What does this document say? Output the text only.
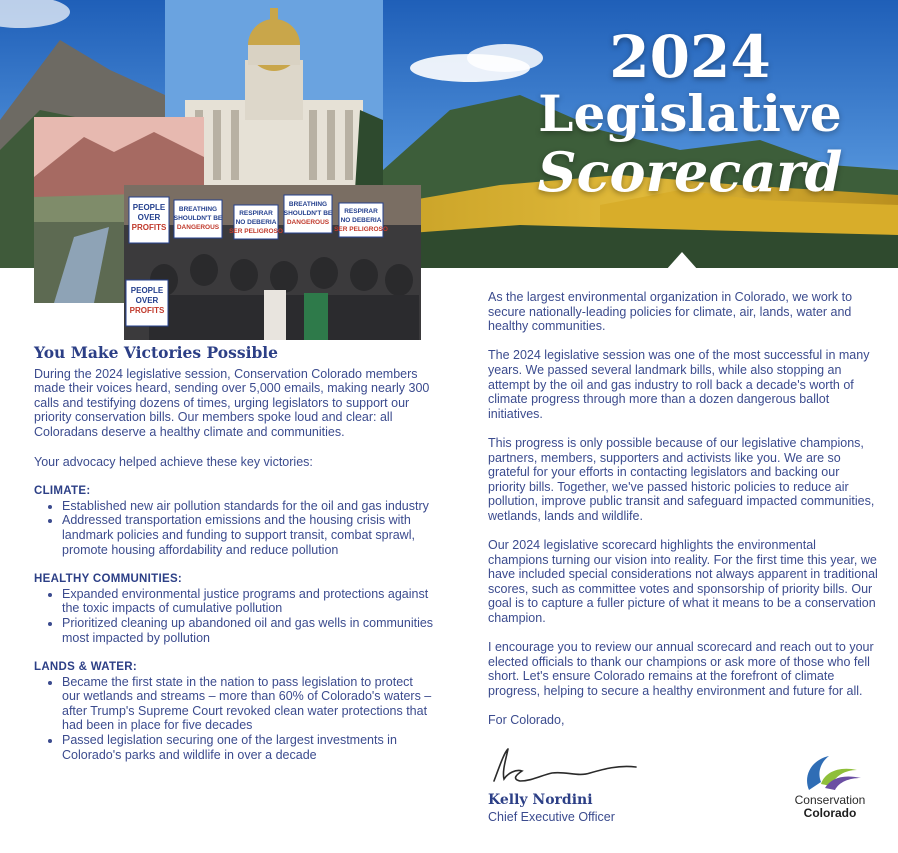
2024
Legislative
Scorecard
PEOPLE OVER PROFITS
BREATHING SHOULDN'T BE DANGEROUS
RESPIRAR NO DEBERIA SER PELIGROSO
BREATHING SHOULDN'T BE DANGEROUS
RESPIRAR NO DEBERIA SER PELIGROSO
PEOPLE OVER PROFITS
You Make Victories Possible

During the 2024 legislative session, Conservation Colorado members made their voices heard, sending over 5,000 emails, making nearly 300 calls and testifying dozens of times, urging legislators to support our priority conservation bills. Our members spoke loud and clear: all Coloradans deserve a healthy climate and communities.

Your advocacy helped achieve these key victories:

CLIMATE:

• Established new air pollution standards for the oil and gas industry
• Addressed transportation emissions and the housing crisis with landmark policies and funding to support transit, combat sprawl, promote housing affordability and reduce pollution

HEALTHY COMMUNITIES:

• Expanded environmental justice programs and protections against the toxic impacts of cumulative pollution
• Prioritized cleaning up abandoned oil and gas wells in communities most impacted by pollution

LANDS & WATER:

• Became the first state in the nation to pass legislation to protect our wetlands and streams – more than 60% of Colorado's waters – after Trump's Supreme Court revoked clean water protections that had been in place for five decades
• Passed legislation securing one of the largest investments in Colorado's parks and wildlife in over a decade

As the largest environmental organization in Colorado, we work to secure nationally-leading policies for climate, air, lands, water and healthy communities.

The 2024 legislative session was one of the most successful in many years. We passed several landmark bills, while also stopping an attempt by the oil and gas industry to roll back a decade's worth of climate progress through more than a dozen dangerous ballot initiatives.

This progress is only possible because of our legislative champions, partners, members, supporters and activists like you. We are so grateful for your efforts in contacting legislators and backing our priority bills. Together, we've passed historic policies to reduce air pollution, improve public transit and safeguard impacted communities, wetlands, lands and wildlife.

Our 2024 legislative scorecard highlights the environmental champions turning our vision into reality. For the first time this year, we have included special considerations not always apparent in traditional scores, such as committee votes and sponsorship of priority bills. Our goal is to capture a fuller picture of what it means to be a conservation champion.

I encourage you to review our annual scorecard and reach out to your elected officials to thank our champions or ask more of those who fell short. Let's ensure Colorado remains at the forefront of climate progress, helping to secure a healthy environment and future for all.

For Colorado,

Kelly Nordini
Chief Executive Officer
Conservation
Colorado
